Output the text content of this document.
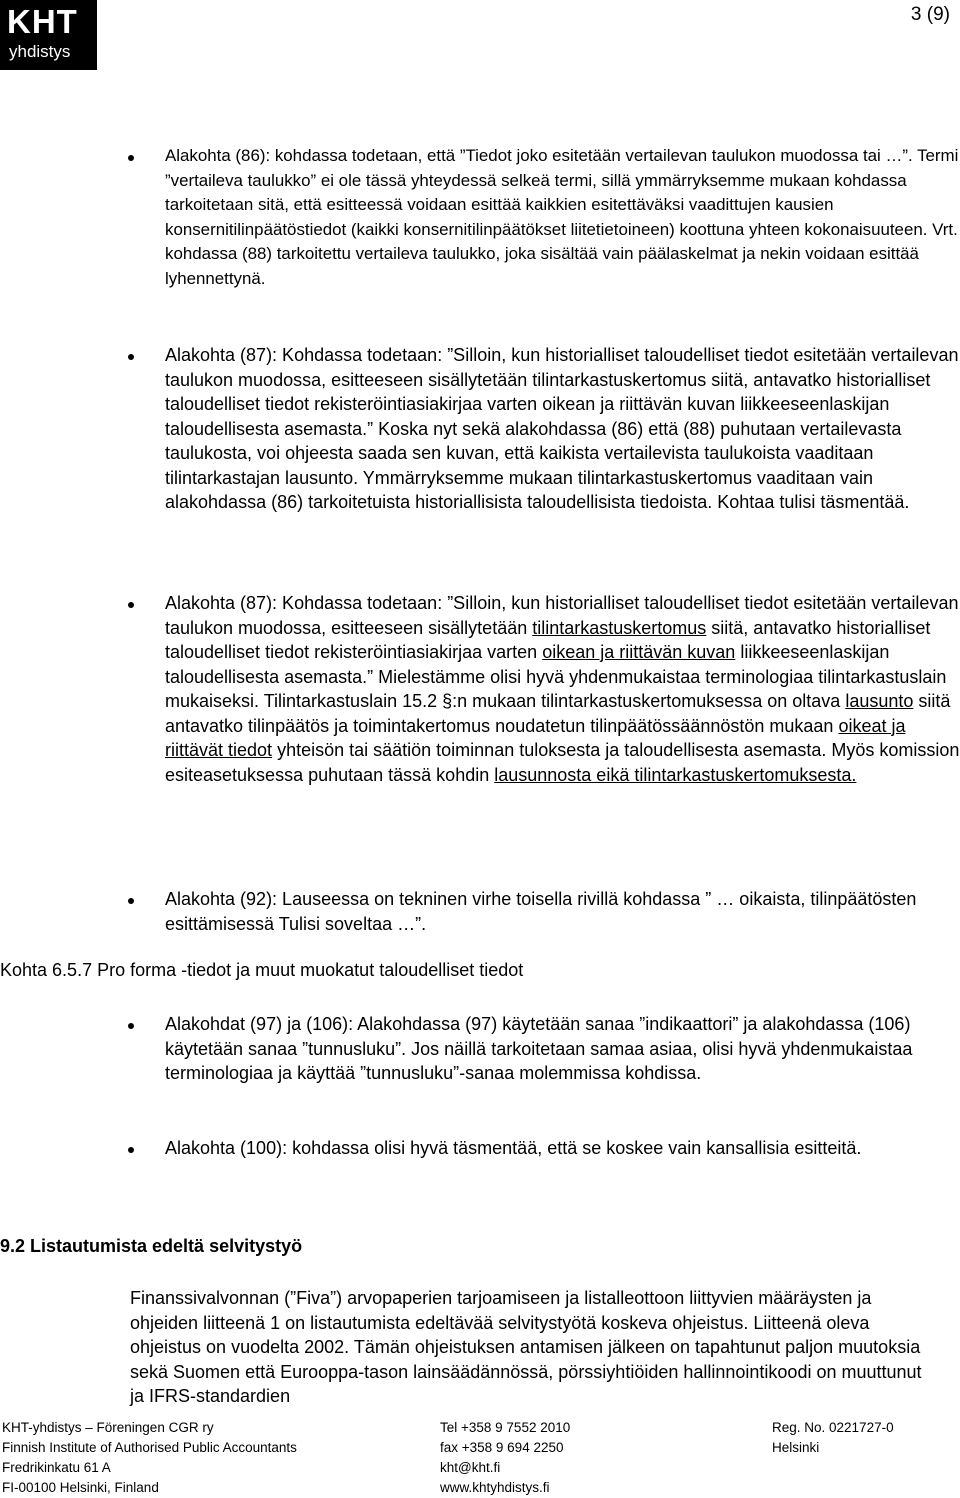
KHT
yhdistys
3 (9)
Alakohta (86): kohdassa todetaan, että ”Tiedot joko esitetään vertailevan taulukon muodossa tai …”. Termi ”vertaileva taulukko” ei ole tässä yhteydessä selkeä termi, sillä ymmärryksemme mukaan kohdassa tarkoitetaan sitä, että esitteessä voidaan esittää kaikkien esitettäväksi vaadittujen kausien konsernitilinpäätöstiedot (kaikki konsernitilinpäätökset liitetietoineen) koottuna yhteen kokonaisuuteen. Vrt. kohdassa (88) tarkoitettu vertaileva taulukko, joka sisältää vain päälaskelmat ja nekin voidaan esittää lyhennettynä.
Alakohta (87): Kohdassa todetaan: ”Silloin, kun historialliset taloudelliset tiedot esitetään vertailevan taulukon muodossa, esitteeseen sisällytetään tilintarkastuskertomus siitä, antavatko historialliset taloudelliset tiedot rekisteröintiasiakirjaa varten oikean ja riittävän kuvan liikkeeseenlaskijan taloudellisesta asemasta.” Koska nyt sekä alakohdassa (86) että (88) puhutaan vertailevasta taulukosta, voi ohjeesta saada sen kuvan, että kaikista vertailevista taulukoista vaaditaan tilintarkastajan lausunto. Ymmärryksemme mukaan tilintarkastuskertomus vaaditaan vain alakohdassa (86) tarkoitetuista historiallisista taloudellisista tiedoista. Kohtaa tulisi täsmentää.
Alakohta (87): Kohdassa todetaan: ”Silloin, kun historialliset taloudelliset tiedot esitetään vertailevan taulukon muodossa, esitteeseen sisällytetään tilintarkastuskertomus siitä, antavatko historialliset taloudelliset tiedot rekisteröintiasiakirjaa varten oikean ja riittävän kuvan liikkeeseenlaskijan taloudellisesta asemasta.” Mielestämme olisi hyvä yhdenmukaistaa terminologiaa tilintarkastuslain mukaiseksi. Tilintarkastuslain 15.2 §:n mukaan tilintarkastuskertomuksessa on oltava lausunto siitä antavatko tilinpäätös ja toimintakertomus noudatetun tilinpäätössäännöstön mukaan oikeat ja riittävät tiedot yhteisön tai säätiön toiminnan tuloksesta ja taloudellisesta asemasta. Myös komission esiteasetuksessa puhutaan tässä kohdin lausunnosta eikä tilintarkastuskertomuksesta.
Alakohta (92): Lauseessa on tekninen virhe toisella rivillä kohdassa ” … oikaista, tilinpäätösten esittämisessä Tulisi soveltaa …”.
Kohta 6.5.7 Pro forma -tiedot ja muut muokatut taloudelliset tiedot
Alakohdat (97) ja (106): Alakohdassa (97) käytetään sanaa ”indikaattori” ja alakohdassa (106) käytetään sanaa ”tunnusluku”. Jos näillä tarkoitetaan samaa asiaa, olisi hyvä yhdenmukaistaa terminologiaa ja käyttää ”tunnusluku”-sanaa molemmissa kohdissa.
Alakohta (100): kohdassa olisi hyvä täsmentää, että se koskee vain kansallisia esitteitä.
9.2 Listautumista edeltä selvitystyö
Finanssivalvonnan (”Fiva”) arvopaperien tarjoamiseen ja listalleottoon liittyvien määräysten ja ohjeiden liitteenä 1 on listautumista edeltävää selvitystyötä koskeva ohjeistus. Liitteenä oleva ohjeistus on vuodelta 2002. Tämän ohjeistuksen antamisen jälkeen on tapahtunut paljon muutoksia sekä Suomen että Eurooppa-tason lainsäädännössä, pörssiyhtiöiden hallinnointikoodi on muuttunut ja IFRS-standardien
KHT-yhdistys – Föreningen CGR ry
Finnish Institute of Authorised Public Accountants
Fredrikinkatu 61 A
FI-00100 Helsinki, Finland
Tel +358 9 7552 2010
fax +358 9 694 2250
kht@kht.fi
www.khtyhdistys.fi
Reg. No. 0221727-0
Helsinki
